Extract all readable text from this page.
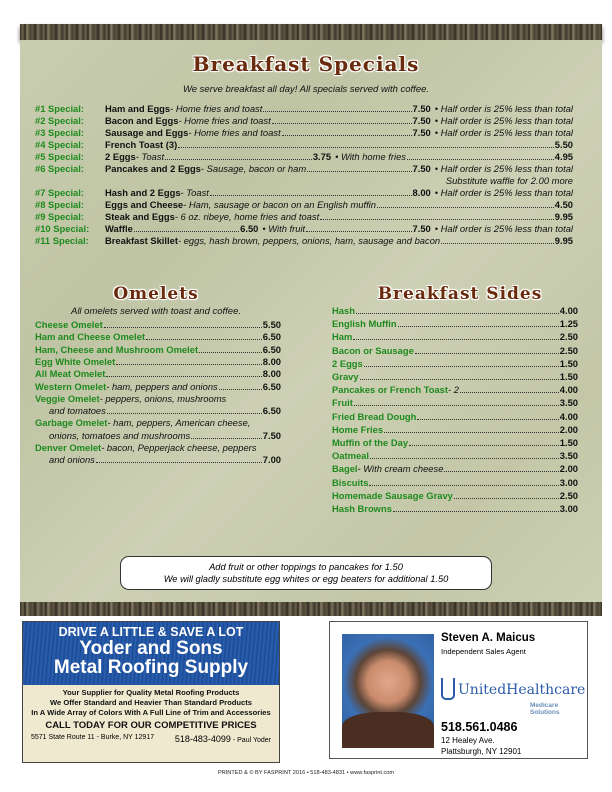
Breakfast Specials
We serve breakfast all day! All specials served with coffee.
#1 Special:	Ham and Eggs - Home fries and toast	7.50 • Half order is 25% less than total
#2 Special:	Bacon and Eggs - Home fries and toast	7.50 • Half order is 25% less than total
#3 Special:	Sausage and Eggs - Home fries and toast	7.50 • Half order is 25% less than total
#4 Special:	French Toast (3)	5.50
#5 Special:	2 Eggs - Toast	3.75 • With home fries	4.95
#6 Special:	Pancakes and 2 Eggs - Sausage, bacon or ham	7.50 • Half order is 25% less than total
Substitute waffle for 2.00 more
#7 Special:	Hash and 2 Eggs - Toast	8.00 • Half order is 25% less than total
#8 Special:	Eggs and Cheese - Ham, sausage or bacon on an English muffin	4.50
#9 Special:	Steak and Eggs - 6 oz. ribeye, home fries and toast	9.95
#10 Special:	Waffle	6.50 • With fruit	7.50 • Half order is 25% less than total
#11 Special:	Breakfast Skillet - eggs, hash brown, peppers, onions, ham, sausage and bacon	9.95
Omelets
All omelets served with toast and coffee.
Cheese Omelet	5.50
Ham and Cheese Omelet	6.50
Ham, Cheese and Mushroom Omelet	6.50
Egg White Omelet	8.00
All Meat Omelet	8.00
Western Omelet - ham, peppers and onions	6.50
Veggie Omelet - peppers, onions, mushrooms
and tomatoes	6.50
Garbage Omelet - ham, peppers, American cheese,
onions, tomatoes and mushrooms	7.50
Denver Omelet - bacon, Pepperjack cheese, peppers
and onions	7.00
Breakfast Sides
Hash	4.00
English Muffin	1.25
Ham	2.50
Bacon or Sausage	2.50
2 Eggs	1.50
Gravy	1.50
Pancakes or French Toast - 2	4.00
Fruit	3.50
Fried Bread Dough	4.00
Home Fries	2.00
Muffin of the Day	1.50
Oatmeal	3.50
Bagel - With cream cheese	2.00
Biscuits	3.00
Homemade Sausage Gravy	2.50
Hash Browns	3.00
Add fruit or other toppings to pancakes for 1.50
We will gladly substitute egg whites or egg beaters for additional 1.50
DRIVE A LITTLE & SAVE A LOT
Yoder and Sons
Metal Roofing Supply
Your Supplier for Quality Metal Roofing Products
We Offer Standard and Heavier Than Standard Products
In A Wide Array of Colors With A Full Line of Trim and Accessories
CALL TODAY FOR OUR COMPETITIVE PRICES
5571 State Route 11 - Burke, NY 12917 518-483-4099 - Paul Yoder
Steven A. Maicus
Independent Sales Agent
UnitedHealthcare
Medicare Solutions
518.561.0486
12 Healey Ave.
Plattsburgh, NY 12901
PRINTED & © BY FASPRINT 2016 • 518-483-4831 • www.fasprint.com
